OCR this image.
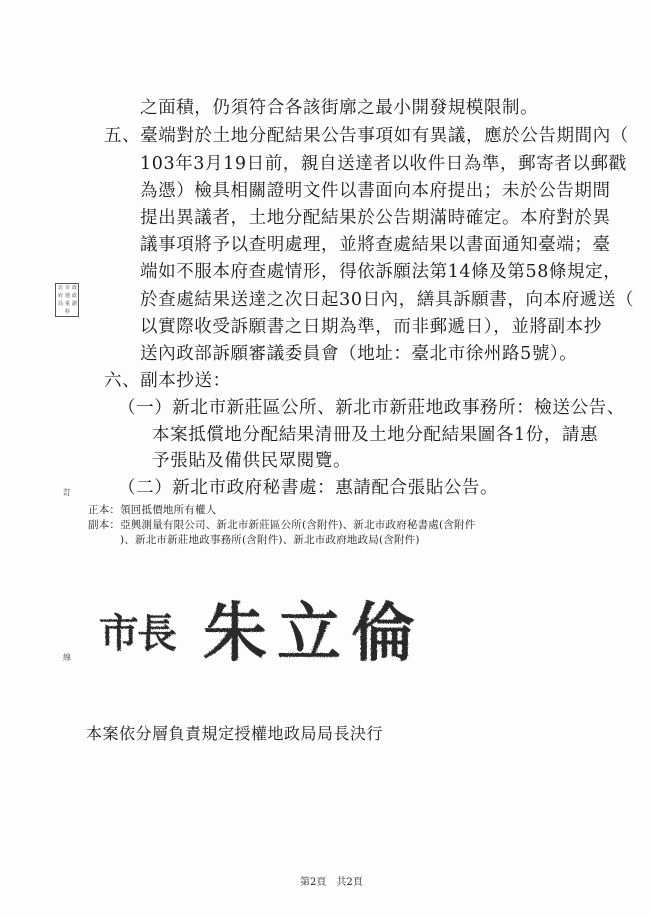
之面積，仍須符合各該街廓之最小開發規模限制。
五、臺端對於土地分配結果公告事項如有異議，應於公告期間內（
103年3月19日前，親自送達者以收件日為準，郵寄者以郵戳
為憑）檢具相關證明文件以書面向本府提出；未於公告期間
提出異議者，土地分配結果於公告期滿時確定。本府對於異
議事項將予以查明處理，並將查處結果以書面通知臺端；臺
端如不服本府查處情形，得依訴願法第14條及第58條規定，
於查處結果送達之次日起30日內，繕具訴願書，向本府遞送（
以實際收受訴願書之日期為準，而非郵遞日），並將副本抄
送內政部訴願審議委員會（地址：臺北市徐州路5號）。
六、副本抄送：
（一）新北市新莊區公所、新北市新莊地政事務所：檢送公告、
本案抵償地分配結果清冊及土地分配結果圖各1份，請惠
予張貼及備供民眾閱覽。
（二）新北市政府秘書處：惠請配合張貼公告。
正本：領回抵價地所有權人
副本：亞興測量有限公司、新北市新莊區公所(含附件)、新北市政府秘書處(含附件
)、新北市新莊地政事務所(含附件)、新北市政府地政局(含附件)
北 市 政
府 地 政
局 重 劃
科
訂
線
市長 朱立倫
本案依分層負責規定授權地政局局長決行
第2頁　共2頁
